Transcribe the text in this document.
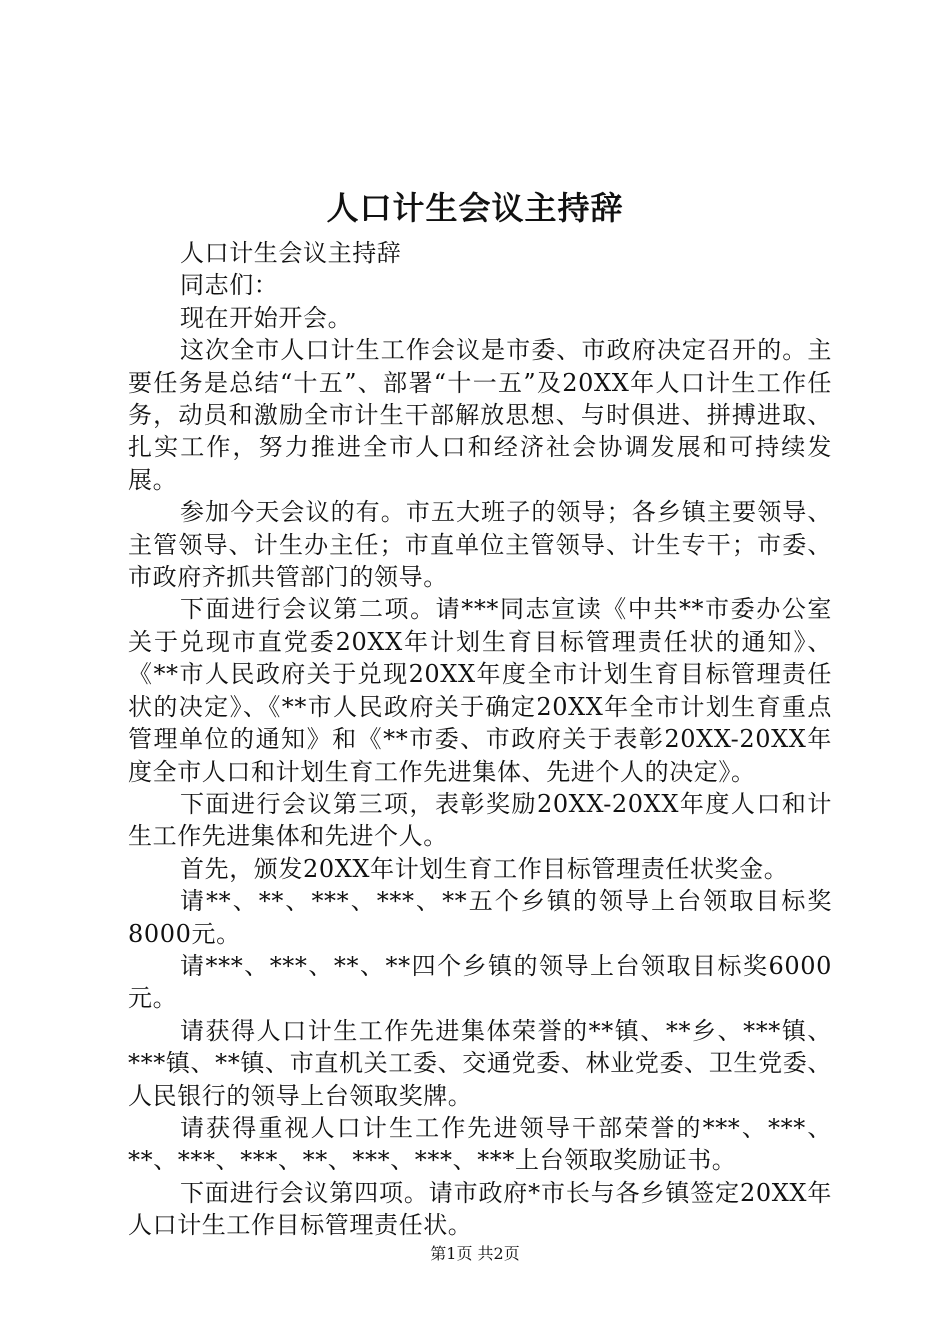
人口计生会议主持辞

人口计生会议主持辞

同志们：

现在开始开会。

这次全市人口计生工作会议是市委、市政府决定召开的。主要任务是总结“十五”、部署“十一五”及20XX年人口计生工作任务，动员和激励全市计生干部解放思想、与时俱进、拼搏进取、扎实工作，努力推进全市人口和经济社会协调发展和可持续发展。

参加今天会议的有。市五大班子的领导；各乡镇主要领导、主管领导、计生办主任；市直单位主管领导、计生专干；市委、市政府齐抓共管部门的领导。

下面进行会议第二项。请***同志宣读《中共**市委办公室关于兑现市直党委20XX年计划生育目标管理责任状的通知》、《**市人民政府关于兑现20XX年度全市计划生育目标管理责任状的决定》、《**市人民政府关于确定20XX年全市计划生育重点管理单位的通知》和《**市委、市政府关于表彰20XX-20XX年度全市人口和计划生育工作先进集体、先进个人的决定》。

下面进行会议第三项，表彰奖励20XX-20XX年度人口和计生工作先进集体和先进个人。

首先，颁发20XX年计划生育工作目标管理责任状奖金。

请**、**、***、***、**五个乡镇的领导上台领取目标奖8000元。

请***、***、**、**四个乡镇的领导上台领取目标奖6000元。

请获得人口计生工作先进集体荣誉的**镇、**乡、***镇、***镇、**镇、市直机关工委、交通党委、林业党委、卫生党委、人民银行的领导上台领取奖牌。

请获得重视人口计生工作先进领导干部荣誉的***、***、**、***、***、**、***、***、***上台领取奖励证书。

下面进行会议第四项。请市政府*市长与各乡镇签定20XX年人口计生工作目标管理责任状。

第1页 共2页
